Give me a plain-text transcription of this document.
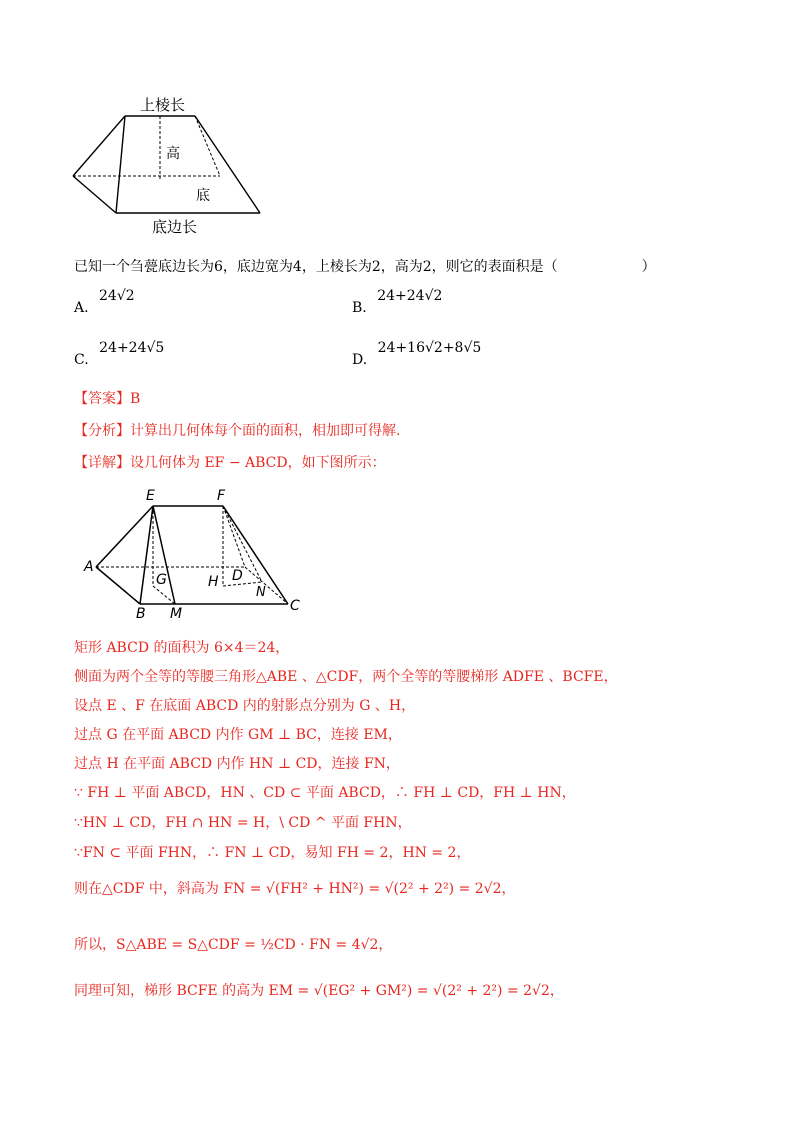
上棱长
高
底
底边长
已知一个刍甍底边长为6，底边宽为4，上棱长为2，高为2，则它的表面积是（　　　　　　）
A. 24√2
B. 24+24√2
C. 24+24√5
D. 24+16√2+8√5
【答案】B
【分析】计算出几何体每个面的面积，相加即可得解.
【详解】设几何体为 EF − ABCD，如下图所示：
E	F
A
B M
G	H D
N
C
矩形 ABCD 的面积为 6×4＝24，
侧面为两个全等的等腰三角形△ABE 、△CDF，两个全等的等腰梯形 ADFE 、BCFE，
设点 E 、F 在底面 ABCD 内的射影点分别为 G 、H，
过点 G 在平面 ABCD 内作 GM ⊥ BC，连接 EM，
过点 H 在平面 ABCD 内作 HN ⊥ CD，连接 FN，
∵ FH ⊥ 平面 ABCD，HN 、CD ⊂ 平面 ABCD，∴ FH ⊥ CD，FH ⊥ HN，
∵HN ⊥ CD，FH ∩ HN = H，\ CD ^ 平面 FHN，
∵FN ⊂ 平面 FHN，∴ FN ⊥ CD，易知 FH = 2，HN = 2，
则在△CDF 中，斜高为 FN = √(FH² + HN²) = √(2² + 2²) = 2√2，
所以，S△ABE = S△CDF = ½CD · FN = 4√2，
同理可知，梯形 BCFE 的高为 EM = √(EG² + GM²) = √(2² + 2²) = 2√2，
